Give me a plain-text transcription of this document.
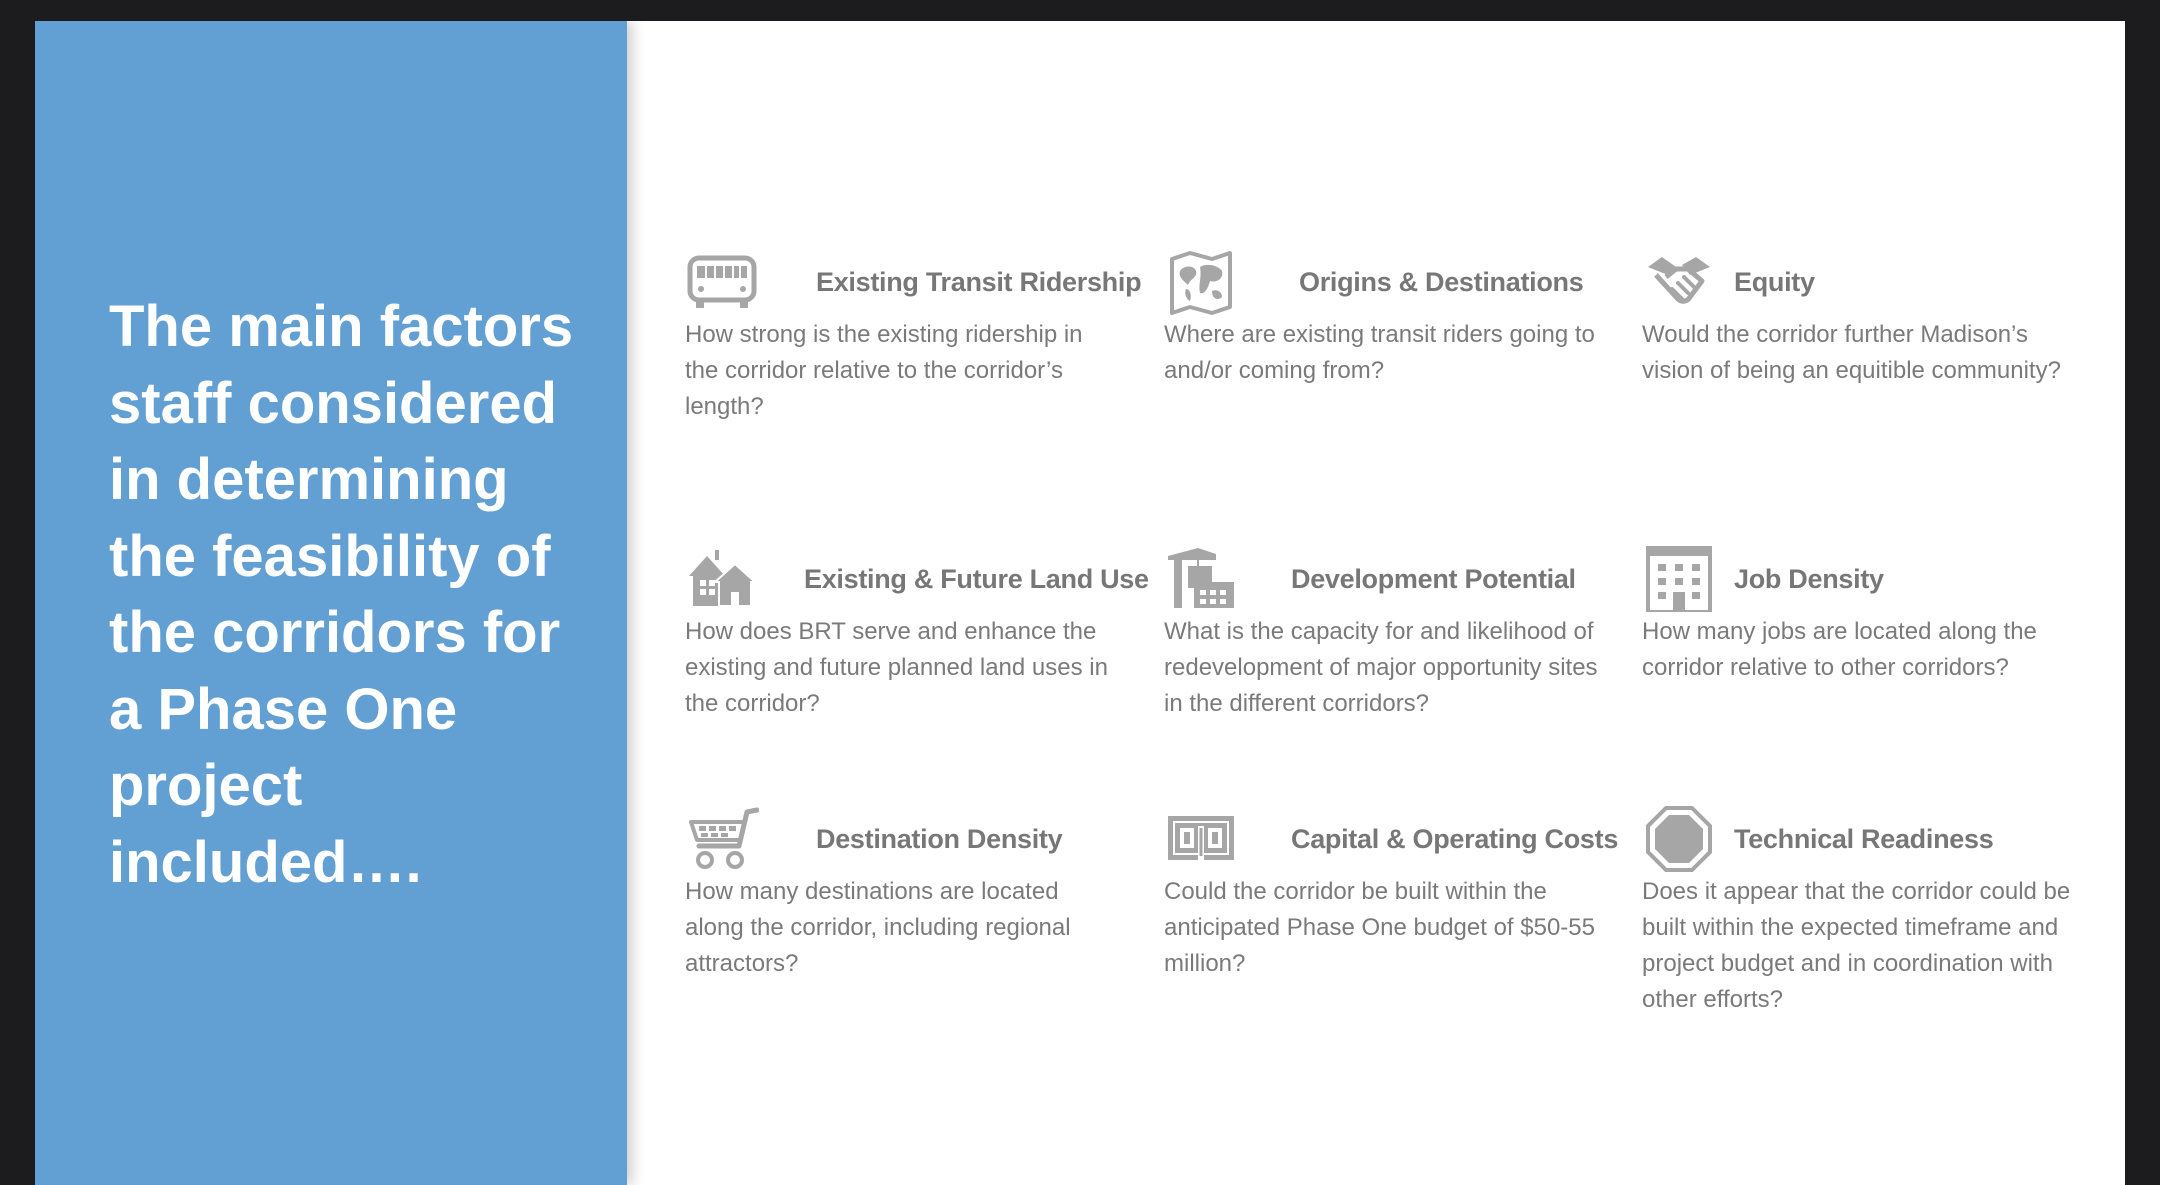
The main factors staff considered in determining the feasibility of the corridors for a Phase One project included….
Existing Transit Ridership

How strong is the existing ridership in the corridor relative to the corridor’s length?

Origins & Destinations

Where are existing transit riders going to and/or coming from?

Equity

Would the corridor further Madison’s vision of being an equitible community?

Existing & Future Land Use

How does BRT serve and enhance the existing and future planned land uses in the corridor?

Development Potential

What is the capacity for and likelihood of redevelopment of major opportunity sites in the different corridors?

Job Density

How many jobs are located along the corridor relative to other corridors?

Destination Density

How many destinations are located along the corridor, including regional attractors?

Capital & Operating Costs

Could the corridor be built within the anticipated Phase One budget of $50-55 million?

Technical Readiness

Does it appear that the corridor could be built within the expected timeframe and project budget and in coordination with other efforts?
